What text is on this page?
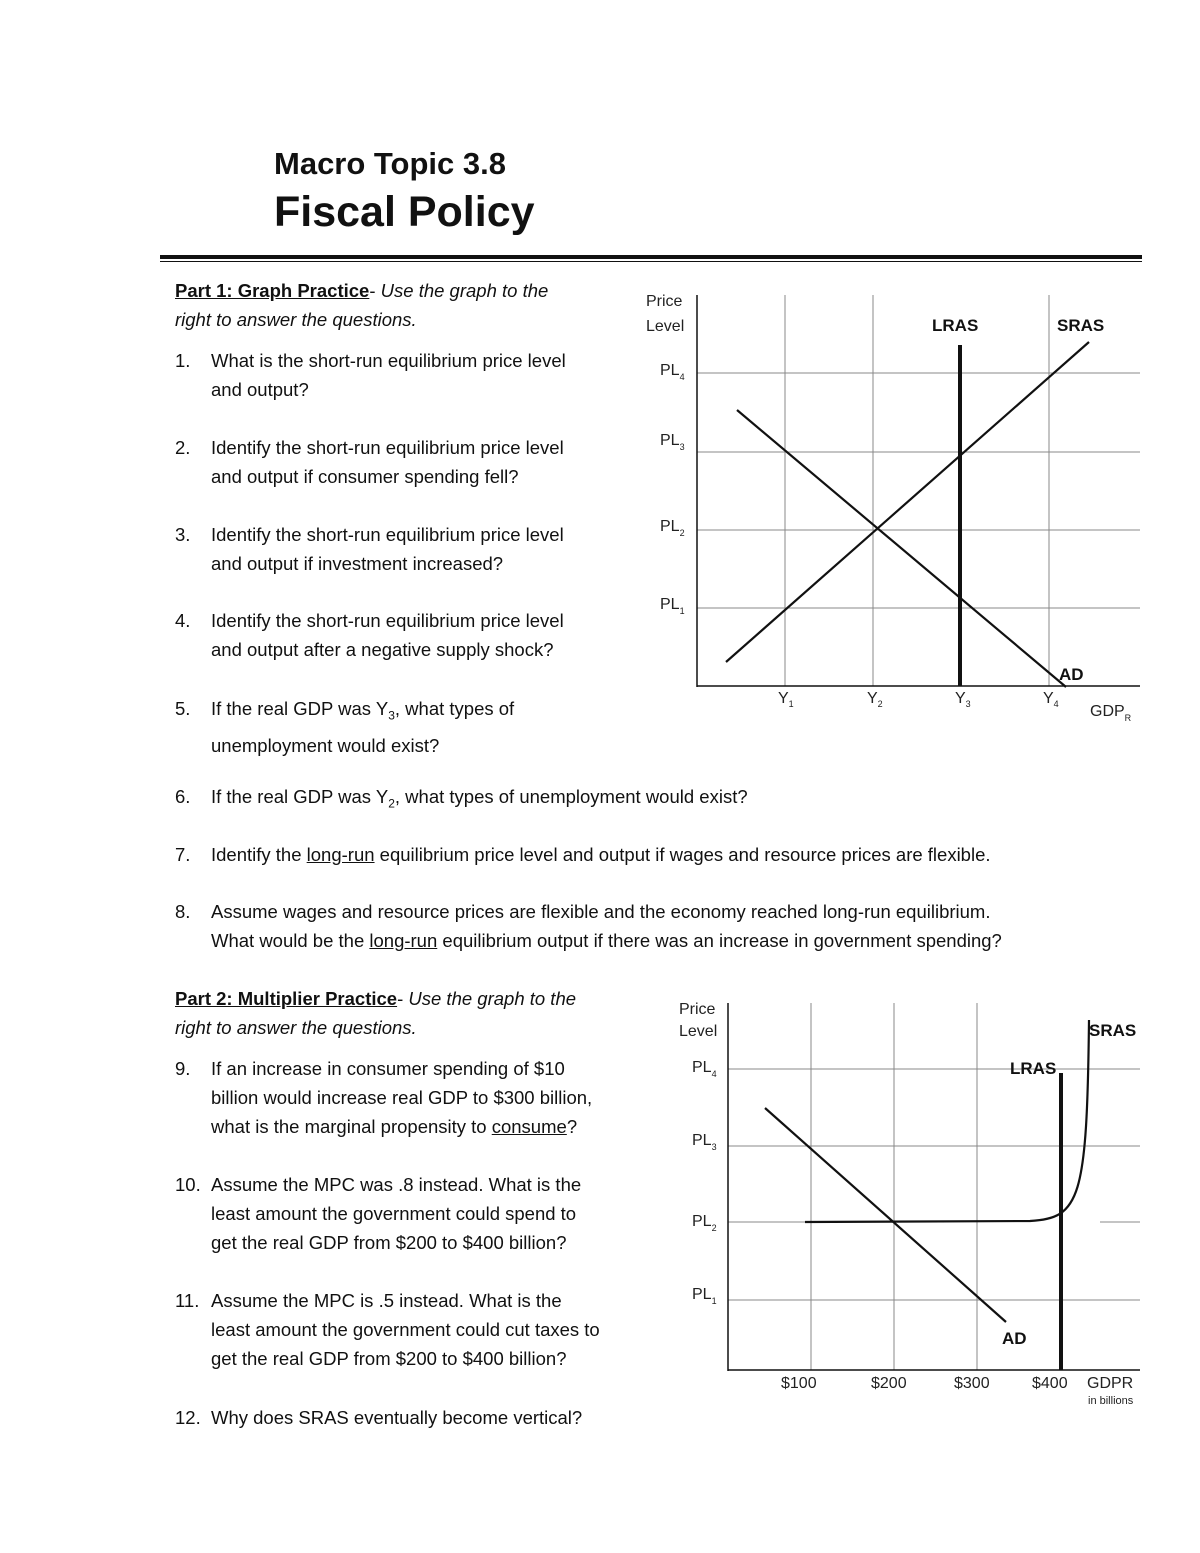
Macro Topic 3.8
Fiscal Policy
Part 1: Graph Practice- Use the graph to the
right to answer the questions.
1. What is the short-run equilibrium price level
and output?
2. Identify the short-run equilibrium price level
and output if consumer spending fell?
3. Identify the short-run equilibrium price level
and output if investment increased?
4. Identify the short-run equilibrium price level
and output after a negative supply shock?
5. If the real GDP was $Y_3$, what types of
unemployment would exist?
6. If the real GDP was $Y_2$, what types of unemployment would exist?
7. Identify the long-run equilibrium price level and output if wages and resource prices are flexible.
8. Assume wages and resource prices are flexible and the economy reached long-run equilibrium.
What would be the long-run equilibrium output if there was an increase in government spending?
Part 2: Multiplier Practice- Use the graph to the
right to answer the questions.
9. If an increase in consumer spending of $10
billion would increase real GDP to $300 billion,
what is the marginal propensity to consume?
10. Assume the MPC was .8 instead. What is the
least amount the government could spend to
get the real GDP from $200 to $400 billion?
11. Assume the MPC is .5 instead. What is the
least amount the government could cut taxes to
get the real GDP from $200 to $400 billion?
12. Why does SRAS eventually become vertical?
Price
Level
$PL_4$
$PL_3$
$PL_2$
$PL_1$
$Y_1$	$Y_2$	$Y_3$	$Y_4$ $GDP_R$
LRAS	SRAS
AD
Price
Level
$PL_4$
$PL_3$
$PL_2$
$PL_1$
$100	$200	$300	$400 GDPR
in billions
LRAS
SRAS
AD
